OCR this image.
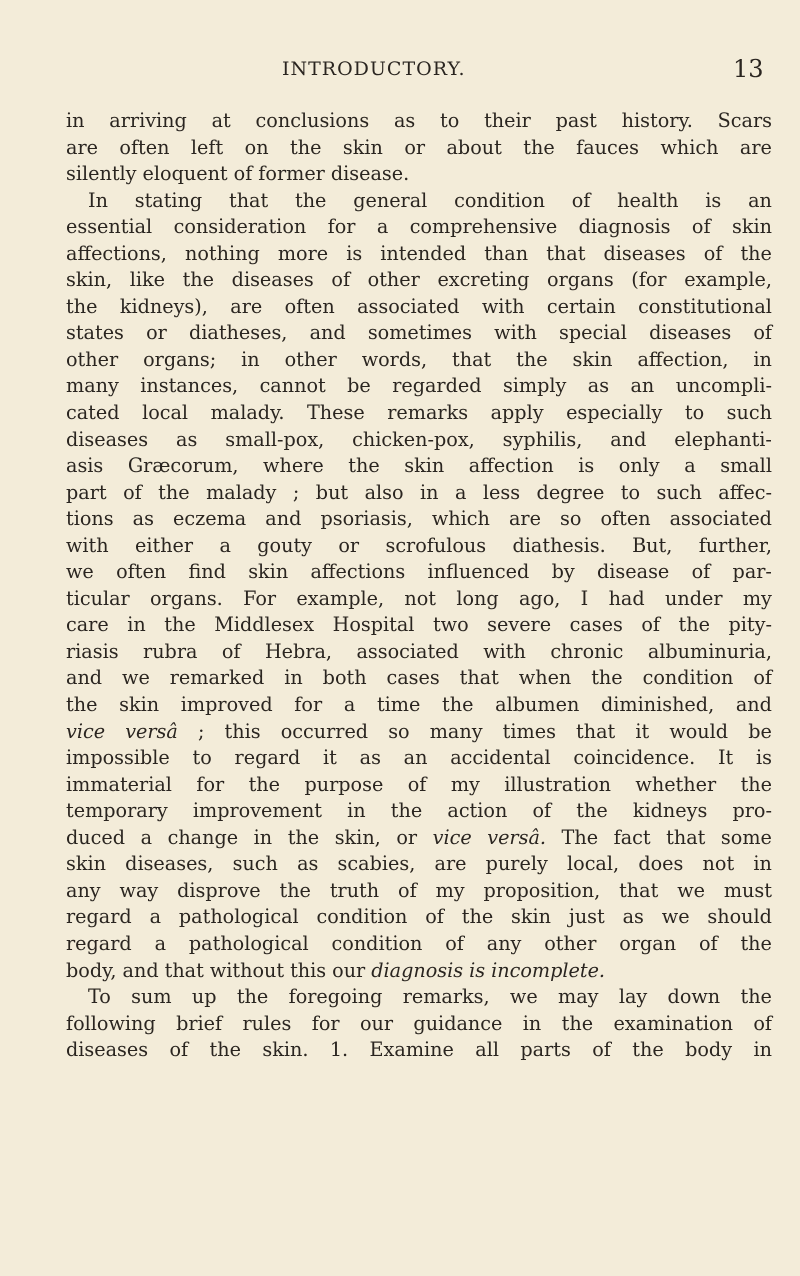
INTRODUCTORY.	13
in arriving at conclusions as to their past history. Scars
are often left on the skin or about the fauces which are
silently eloquent of former disease.
In stating that the general condition of health is an
essential consideration for a comprehensive diagnosis of skin
affections, nothing more is intended than that diseases of the
skin, like the diseases of other excreting organs (for example,
the kidneys), are often associated with certain constitutional
states or diatheses, and sometimes with special diseases of
other organs; in other words, that the skin affection, in
many instances, cannot be regarded simply as an uncompli-
cated local malady. These remarks apply especially to such
diseases as small-pox, chicken-pox, syphilis, and elephanti-
asis Græcorum, where the skin affection is only a small
part of the malady ; but also in a less degree to such affec-
tions as eczema and psoriasis, which are so often associated
with either a gouty or scrofulous diathesis. But, further,
we often find skin affections influenced by disease of par-
ticular organs. For example, not long ago, I had under my
care in the Middlesex Hospital two severe cases of the pity-
riasis rubra of Hebra, associated with chronic albuminuria,
and we remarked in both cases that when the condition of
the skin improved for a time the albumen diminished, and
vice versâ ; this occurred so many times that it would be
impossible to regard it as an accidental coincidence. It is
immaterial for the purpose of my illustration whether the
temporary improvement in the action of the kidneys pro-
duced a change in the skin, or vice versâ. The fact that some
skin diseases, such as scabies, are purely local, does not in
any way disprove the truth of my proposition, that we must
regard a pathological condition of the skin just as we should
regard a pathological condition of any other organ of the
body, and that without this our diagnosis is incomplete.
To sum up the foregoing remarks, we may lay down the
following brief rules for our guidance in the examination of
diseases of the skin. 1. Examine all parts of the body in
